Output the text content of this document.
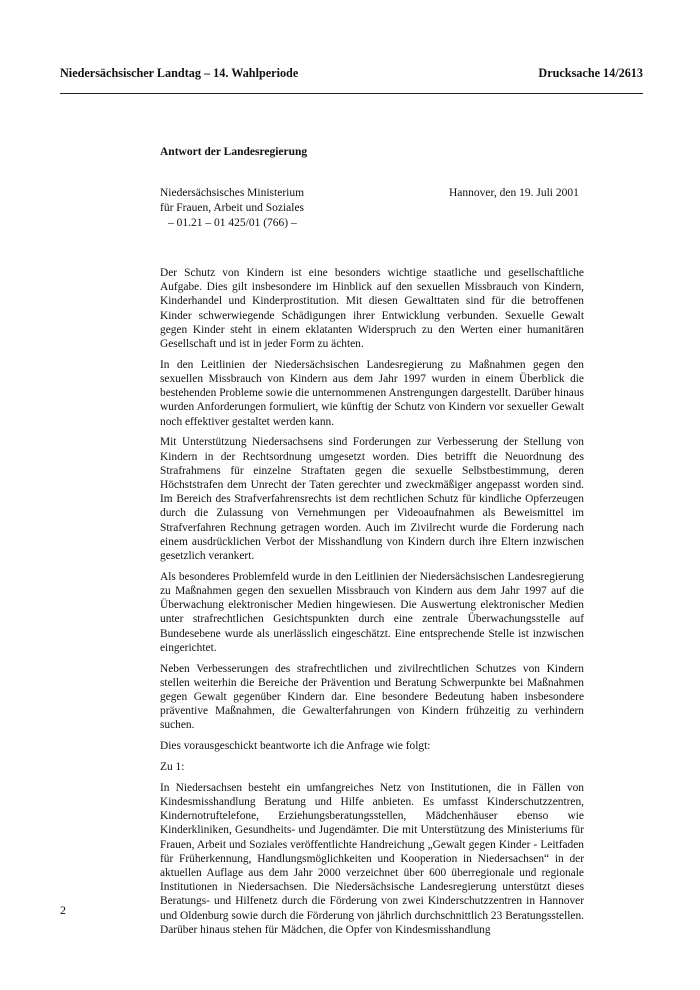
Niedersächsischer Landtag – 14. Wahlperiode	Drucksache 14/2613
Antwort der Landesregierung
Niedersächsisches Ministerium
für Frauen, Arbeit und Soziales
– 01.21 – 01 425/01 (766) –
Hannover, den 19. Juli 2001

Der Schutz von Kindern ist eine besonders wichtige staatliche und gesellschaftliche Aufgabe. Dies gilt insbesondere im Hinblick auf den sexuellen Missbrauch von Kindern, Kinderhandel und Kinderprostitution. Mit diesen Gewalttaten sind für die betroffenen Kinder schwerwiegende Schädigungen ihrer Entwicklung verbunden. Sexuelle Gewalt gegen Kinder steht in einem eklatanten Widerspruch zu den Werten einer humanitären Gesellschaft und ist in jeder Form zu ächten.

In den Leitlinien der Niedersächsischen Landesregierung zu Maßnahmen gegen den sexuellen Missbrauch von Kindern aus dem Jahr 1997 wurden in einem Überblick die bestehenden Probleme sowie die unternommenen Anstrengungen dargestellt. Darüber hinaus wurden Anforderungen formuliert, wie künftig der Schutz von Kindern vor sexueller Gewalt noch effektiver gestaltet werden kann.

Mit Unterstützung Niedersachsens sind Forderungen zur Verbesserung der Stellung von Kindern in der Rechtsordnung umgesetzt worden. Dies betrifft die Neuordnung des Strafrahmens für einzelne Straftaten gegen die sexuelle Selbstbestimmung, deren Höchststrafen dem Unrecht der Taten gerechter und zweckmäßiger angepasst worden sind. Im Bereich des Strafverfahrensrechts ist dem rechtlichen Schutz für kindliche Opferzeugen durch die Zulassung von Vernehmungen per Videoaufnahmen als Beweismittel im Strafverfahren Rechnung getragen worden. Auch im Zivilrecht wurde die Forderung nach einem ausdrücklichen Verbot der Misshandlung von Kindern durch ihre Eltern inzwischen gesetzlich verankert.

Als besonderes Problemfeld wurde in den Leitlinien der Niedersächsischen Landesregierung zu Maßnahmen gegen den sexuellen Missbrauch von Kindern aus dem Jahr 1997 auf die Überwachung elektronischer Medien hingewiesen. Die Auswertung elektronischer Medien unter strafrechtlichen Gesichtspunkten durch eine zentrale Überwachungsstelle auf Bundesebene wurde als unerlässlich eingeschätzt. Eine entsprechende Stelle ist inzwischen eingerichtet.

Neben Verbesserungen des strafrechtlichen und zivilrechtlichen Schutzes von Kindern stellen weiterhin die Bereiche der Prävention und Beratung Schwerpunkte bei Maßnahmen gegen Gewalt gegenüber Kindern dar. Eine besondere Bedeutung haben insbesondere präventive Maßnahmen, die Gewalterfahrungen von Kindern frühzeitig zu verhindern suchen.

Dies vorausgeschickt beantworte ich die Anfrage wie folgt:

Zu 1:

In Niedersachsen besteht ein umfangreiches Netz von Institutionen, die in Fällen von Kindesmisshandlung Beratung und Hilfe anbieten. Es umfasst Kinderschutzzentren, Kindernotruftelefone, Erziehungsberatungsstellen, Mädchenhäuser ebenso wie Kinderkliniken, Gesundheits- und Jugendämter. Die mit Unterstützung des Ministeriums für Frauen, Arbeit und Soziales veröffentlichte Handreichung „Gewalt gegen Kinder - Leitfaden für Früherkennung, Handlungsmöglichkeiten und Kooperation in Niedersachsen“ in der aktuellen Auflage aus dem Jahr 2000 verzeichnet über 600 überregionale und regionale Institutionen in Niedersachsen. Die Niedersächsische Landesregierung unterstützt dieses Beratungs- und Hilfenetz durch die Förderung von zwei Kinderschutzzentren in Hannover und Oldenburg sowie durch die Förderung von jährlich durchschnittlich 23 Beratungsstellen. Darüber hinaus stehen für Mädchen, die Opfer von Kindesmisshandlung

2
